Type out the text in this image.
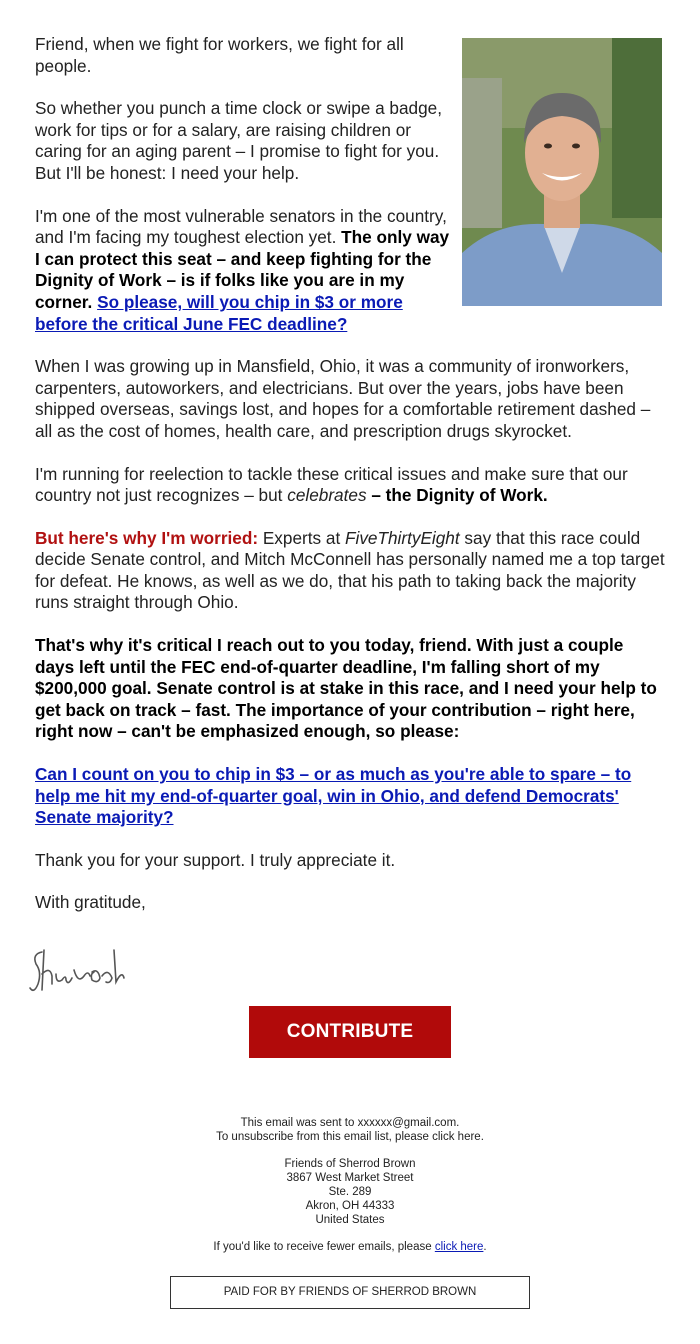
Friend, when we fight for workers, we fight for all people.

So whether you punch a time clock or swipe a badge, work for tips or for a salary, are raising children or caring for an aging parent – I promise to fight for you. But I'll be honest: I need your help.

I'm one of the most vulnerable senators in the country, and I'm facing my toughest election yet. The only way I can protect this seat – and keep fighting for the Dignity of Work – is if folks like you are in my corner. So please, will you chip in $3 or more before the critical June FEC deadline?

When I was growing up in Mansfield, Ohio, it was a community of ironworkers, carpenters, autoworkers, and electricians. But over the years, jobs have been shipped overseas, savings lost, and hopes for a comfortable retirement dashed – all as the cost of homes, health care, and prescription drugs skyrocket.

I'm running for reelection to tackle these critical issues and make sure that our country not just recognizes – but celebrates – the Dignity of Work.

But here's why I'm worried: Experts at FiveThirtyEight say that this race could decide Senate control, and Mitch McConnell has personally named me a top target for defeat. He knows, as well as we do, that his path to taking back the majority runs straight through Ohio.

That's why it's critical I reach out to you today, friend. With just a couple days left until the FEC end-of-quarter deadline, I'm falling short of my $200,000 goal. Senate control is at stake in this race, and I need your help to get back on track – fast. The importance of your contribution – right here, right now – can't be emphasized enough, so please:

Can I count on you to chip in $3 – or as much as you're able to spare – to help me hit my end-of-quarter goal, win in Ohio, and defend Democrats' Senate majority?

Thank you for your support. I truly appreciate it.

With gratitude,

CONTRIBUTE

This email was sent to xxxxxx@gmail.com.
To unsubscribe from this email list, please click here.

Friends of Sherrod Brown
3867 West Market Street
Ste. 289
Akron, OH 44333
United States

If you'd like to receive fewer emails, please click here.

PAID FOR BY FRIENDS OF SHERROD BROWN
